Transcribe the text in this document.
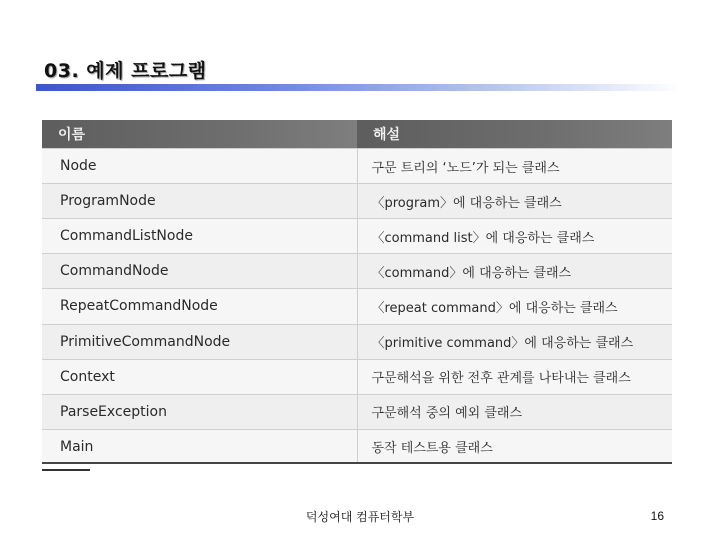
03. 예제 프로그램
이름	해설
Node	구문 트리의 ‘노드’가 되는 클래스
ProgramNode	〈program〉에 대응하는 클래스
CommandListNode	〈command list〉에 대응하는 클래스
CommandNode	〈command〉에 대응하는 클래스
RepeatCommandNode	〈repeat command〉에 대응하는 클래스
PrimitiveCommandNode	〈primitive command〉에 대응하는 클래스
Context	구문해석을 위한 전후 관계를 나타내는 클래스
ParseException	구문해석 중의 예외 클래스
Main	동작 테스트용 클래스
덕성여대 컴퓨터학부	16
